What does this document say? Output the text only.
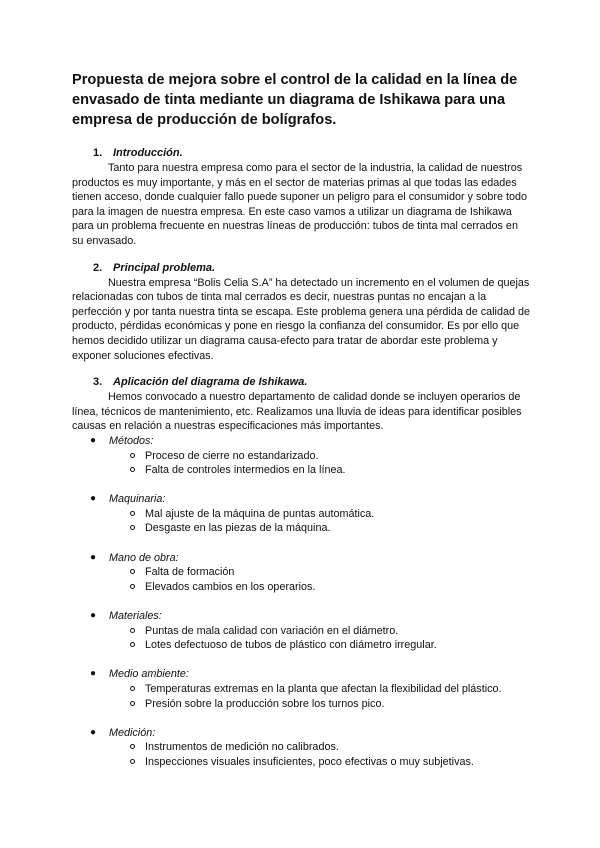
Propuesta de mejora sobre el control de la calidad en la línea de envasado de tinta mediante un diagrama de Ishikawa para una empresa de producción de bolígrafos.
1. Introducción.

Tanto para nuestra empresa como para el sector de la industria, la calidad de nuestros productos es muy importante, y más en el sector de materias primas al que todas las edades tienen acceso, donde cualquier fallo puede suponer un peligro para el consumidor y sobre todo para la imagen de nuestra empresa. En este caso vamos a utilizar un diagrama de Ishikawa para un problema frecuente en nuestras líneas de producción: tubos de tinta mal cerrados en su envasado.

2. Principal problema.

Nuestra empresa “Bolis Celia S.A” ha detectado un incremento en el volumen de quejas relacionadas con tubos de tinta mal cerrados es decir, nuestras puntas no encajan a la perfección y por tanta nuestra tinta se escapa. Este problema genera una pérdida de calidad de producto, pérdidas económicas y pone en riesgo la confianza del consumidor. Es por ello que hemos decidido utilizar un diagrama causa-efecto para tratar de abordar este problema y exponer soluciones efectivas.

3. Aplicación del diagrama de Ishikawa.

Hemos convocado a nuestro departamento de calidad donde se incluyen operarios de línea, técnicos de mantenimiento, etc. Realizamos una lluvia de ideas para identificar posibles causas en relación a nuestras especificaciones más importantes.

● Métodos:
Proceso de cierre no estandarizado.
Falta de controles intermedios en la línea.
● Maquinaria:
Mal ajuste de la máquina de puntas automática.
Desgaste en las piezas de la máquina.
● Mano de obra:
Falta de formación
Elevados cambios en los operarios.
● Materiales:
Puntas de mala calidad con variación en el diámetro.
Lotes defectuoso de tubos de plástico con diámetro irregular.
● Medio ambiente:
Temperaturas extremas en la planta que afectan la flexibilidad del plástico.
Presión sobre la producción sobre los turnos pico.
● Medición:
Instrumentos de medición no calibrados.
Inspecciones visuales insuficientes, poco efectivas o muy subjetivas.
